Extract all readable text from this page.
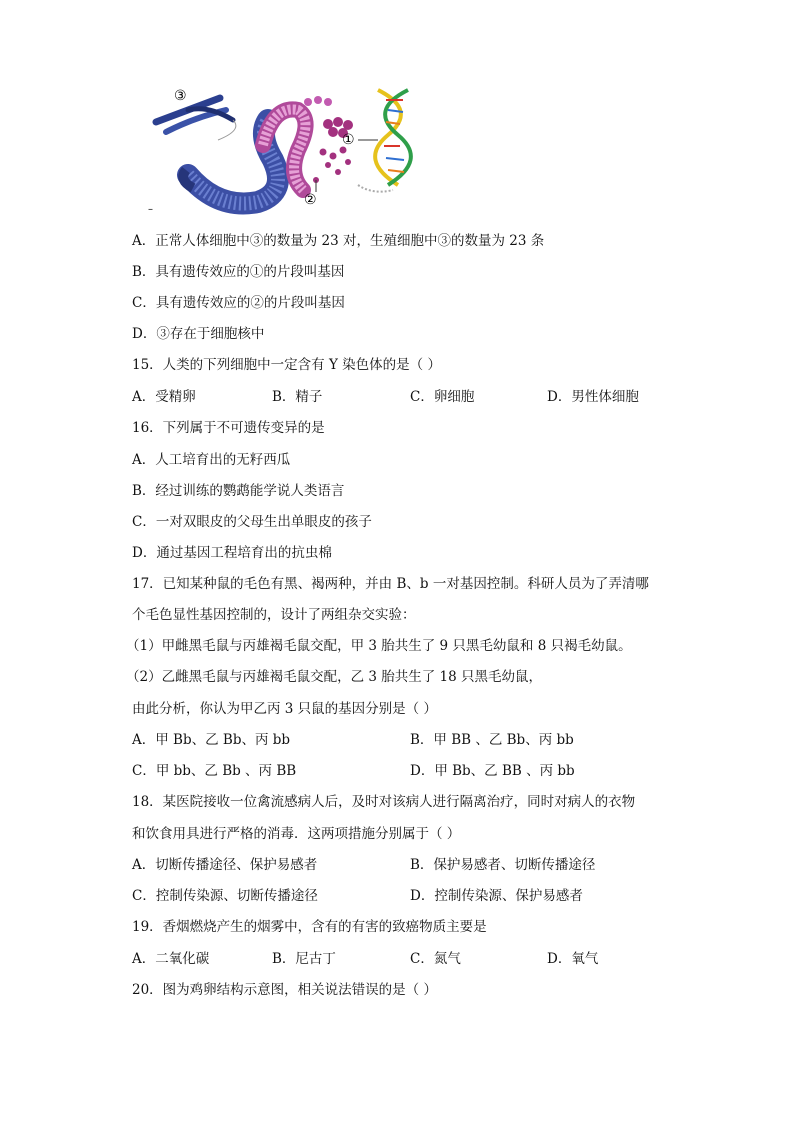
③
①
②
–
A．正常人体细胞中③的数量为 23 对，生殖细胞中③的数量为 23 条
B．具有遗传效应的①的片段叫基因
C．具有遗传效应的②的片段叫基因
D．③存在于细胞核中
15．人类的下列细胞中一定含有 Y 染色体的是（ ）
A．受精卵	B．精子	C．卵细胞	D．男性体细胞
16．下列属于不可遗传变异的是
A．人工培育出的无籽西瓜
B．经过训练的鹦鹉能学说人类语言
C．一对双眼皮的父母生出单眼皮的孩子
D．通过基因工程培育出的抗虫棉
17．已知某种鼠的毛色有黑、褐两种，并由 B、b 一对基因控制。科研人员为了弄清哪
个毛色显性基因控制的，设计了两组杂交实验：
（1）甲雌黑毛鼠与丙雄褐毛鼠交配，甲 3 胎共生了 9 只黑毛幼鼠和 8 只褐毛幼鼠。
（2）乙雌黑毛鼠与丙雄褐毛鼠交配，乙 3 胎共生了 18 只黑毛幼鼠，
由此分析，你认为甲乙丙 3 只鼠的基因分别是（ ）
A．甲 Bb、乙 Bb、丙 bb	B．甲 BB 、乙 Bb、丙 bb
C．甲 bb、乙 Bb 、丙 BB	D．甲 Bb、乙 BB 、丙 bb
18．某医院接收一位禽流感病人后，及时对该病人进行隔离治疗，同时对病人的衣物
和饮食用具进行严格的消毒．这两项措施分别属于（ ）
A．切断传播途径、保护易感者	B．保护易感者、切断传播途径
C．控制传染源、切断传播途径	D．控制传染源、保护易感者
19．香烟燃烧产生的烟雾中，含有的有害的致癌物质主要是
A．二氧化碳	B．尼古丁	C．氮气	D．氧气
20．图为鸡卵结构示意图，相关说法错误的是（ ）
